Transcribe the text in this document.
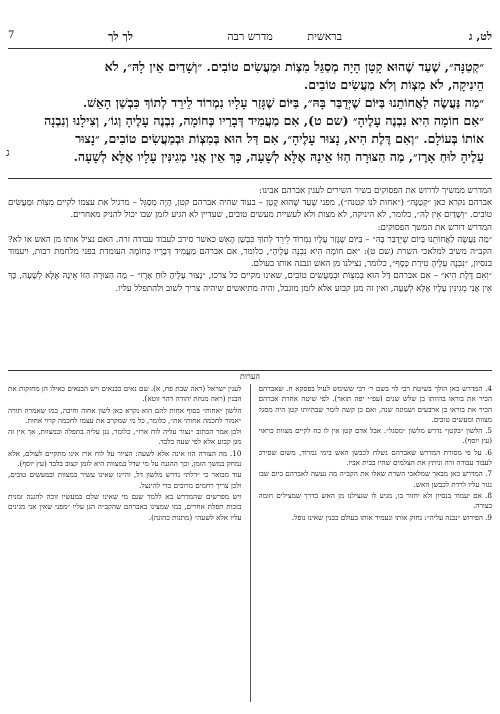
לט, ג
בראשית
מדרש רבה
לך לך
7

״קְטַנָּה״, שֶׁעַד שֶׁהוּא קָטָן הָיָה מְסַגֵּל מִצְוֹת וּמַעֲשִׂים טוֹבִים. ״וְשָׁדַיִם אֵין לָהּ״, לֹא

הֵינִיקָה, לֹא מִצְוֹת וְלֹא מַעֲשִׂים טוֹבִים.

״מַה נַּעֲשֶׂה לַאֲחוֹתֵנוּ בַּיּוֹם שֶׁיְּדֻבַּר בָּהּ״, בַּיּוֹם שֶׁגָּזַר עָלָיו נִמְרוֹד לֵירֵד לְתוֹךְ כִּבְשַׁן הָאֵשׁ.

״אִם חוֹמָה הִיא נִבְנֶה עָלֶיהָ״ (שם ט), אִם מַעֲמִיד דְּבָרַיו כְּחוֹמָה, נִבְנֶה עָלֶיהָ וְגוֹ׳, וְצִילָנוּ וְנִבְנָה

אוֹתוֹ בְּעוֹלָם. ״וְאִם דֶּלֶת הִיא, נָצוּר עָלֶיהָ״, אִם דַּל הוּא בְּמִצְוֹת וּבְמַעֲשִׂים טוֹבִים, ״נָצוּר

עָלֶיהָ לוּחַ אָרֶז״, מַה הַצּוּרָה הַזּוֹ אֵינָהּ אֶלָּא לְשָׁעָה, כָּךְ אֵין אֲנִי מְגִינִּין עָלָיו אֶלָּא לְשָׁעָה.

ג

המדרש ממשיך לדרוש את הפסוקים בשיר השירים לענין אברהם אבינו:

אברהם נקרא כאן ״קְטַנָּה״ (״אחות לנו קטנה״), מפני שֶׁעַד שֶׁהוּא קָטָן – בעוד שהיה אברהם קטן, הָיָה מְסַגֵּל – מרגיל את עצמו לקיים מִצְוֹת וּמַעֲשִׂים טוֹבִים. ״וְשָׁדַיִם אֵין לָהּ״, כלומר, לא היניקה, לא מצות ולא לעשיית מעשים טובים, שעדיין לא הגיע לזמן שבו יכול להניק מאחרים.

המדרש דורש את המשך הפסוקים:

״מַה נַּעֲשֶׂה לַאֲחוֹתֵנוּ בַּיּוֹם שֶׁיְּדֻבַּר בָּהּ״ – בַּיּוֹם שֶׁגָּזַר עָלָיו נִמְרוֹד לֵירֵד לְתוֹךְ כִּבְשַׁן הָאֵשׁ כאשר סירב לעבוד עבודה זרה. האם נציל אותו מן האש או לא? הקב״ה משיב למלאכי השרת (שם ט): ״אִם חוֹמָה הִיא נִבְנֶה עָלֶיהָ״, כלומר, אם אברהם מַעֲמִיד דְּבָרָיו כְּחוֹמָה העומדת בפני מלחמת רבות, ויעמוד בנסיון, ״נִבְנֶה עָלֶיהָ טִירַת כָּסֶף״, כלומר, נצילנו מן האש ונבנה אותו בעולם.

״וְאִם דֶּלֶת הִיא״ – אם אברהם דַּל הוּא בְּמִצְוֹת וּבְמַעֲשִׂים טוֹבִים, שאינו מקיים כל צרכו, ״נָצוּר עָלֶיהָ לוּחַ אָרֶז״ – מַה הַצּוּרָה הַזּוֹ אֵינָהּ אֶלָּא לְשָׁעָה, כָּךְ אֵין אֲנִי מְגִינִּין עָלָיו אֶלָּא לְשָׁעָה, ואין זה מגן קבוע אלא לזמן מוגבל, והיה מתיאשים שיהיה צריך לשוב ולהתפלל עליו.

הערות

4. המדרש כאן הולך בשיטת רבי לוי בשם ר׳ רבי ששימש לעיל בפסקא ח. שאברהם הכיר את בוראו בהיותו בן שלש שנים (עפ״י יפה תואר). לפי שיטה אחרת אברהם הכיר את בוראו בן ארבעים ושמונה שנה, ואם כן קשה לומר שבהיותו קטן היה מסגל מצוות ומעשים טובים.

5. הלשון ״בקטן״ נדרש מלשון ״מסגל״. אבל אדם קטן אין לו כח לקיים מצוות כראוי (עץ יוסף).

6. על פי מסורת המדרש שאברהם נשלח לכבשן האש בימי נמרוד, משום שסירב לעבוד עבודה זרה וניתץ את הצלמים שהיו בבית אביו.

7. המדרש כאן מבאר שמלאכי השרת שאלו את הקב״ה מה נעשה לאברהם ביום שבו נגזר עליו לרדת לכבשן האש.

8. אם יעמוד בנסיון ולא יחזור בו, מגיע לו שנצילנו מן האש כדרך שמצילים חומה בצורה.

9. הפירוש ״נבנה עליה״: נחזק אותו ונעמיד אותו בעולם כבנין שאינו נופל.

לענין ישראל (ראה שבת פח, א). שם נאים כבנאים ויש הבנאים כאילו הן מחזקות את הבנין (ראה מנחת יהודה דהר זוטא).

הלשון ״אחות״ בסוף אחות להם הוא נקרא כאן לשון אחוה וחיבה, כמו שאמרה תורה ״אמור לחכמה אחותי את״, כלומר, כל מי שמקרב את עצמו לחכמה קרוי אחות.

ולכן אמר הכתוב ״נצור עליה לוח ארז״, כלומר, נגן עליה בתפלה ובמצוות, אך אין זה מגן קבוע אלא לפי שעה בלבד.

10. מה הצורה הזו אינה אלא לשעה: הציור על לוח ארז אינו מתקיים לעולם, אלא נמחק במשך הזמן, וכך ההגנה על מי שדל במצוות היא לזמן קצוב בלבד (עץ יוסף).

עוד מבואר כי ״דלת״ נדרש מלשון דל, והיינו שאינו עשיר במצוות ובמעשים טובים, ולכן צריך רחמים מרובים כדי להינצל.

ויש מפרשים שהמדרש בא ללמד שגם מי שאינו שלם במעשיו זוכה להגנה זמנית בזכות תפלת אחרים, כמו שמצינו באברהם שהקב״ה הגן עליו ״מפני שאין אני מגינים עליו אלא לשעה״ (מתנות כהונה).
